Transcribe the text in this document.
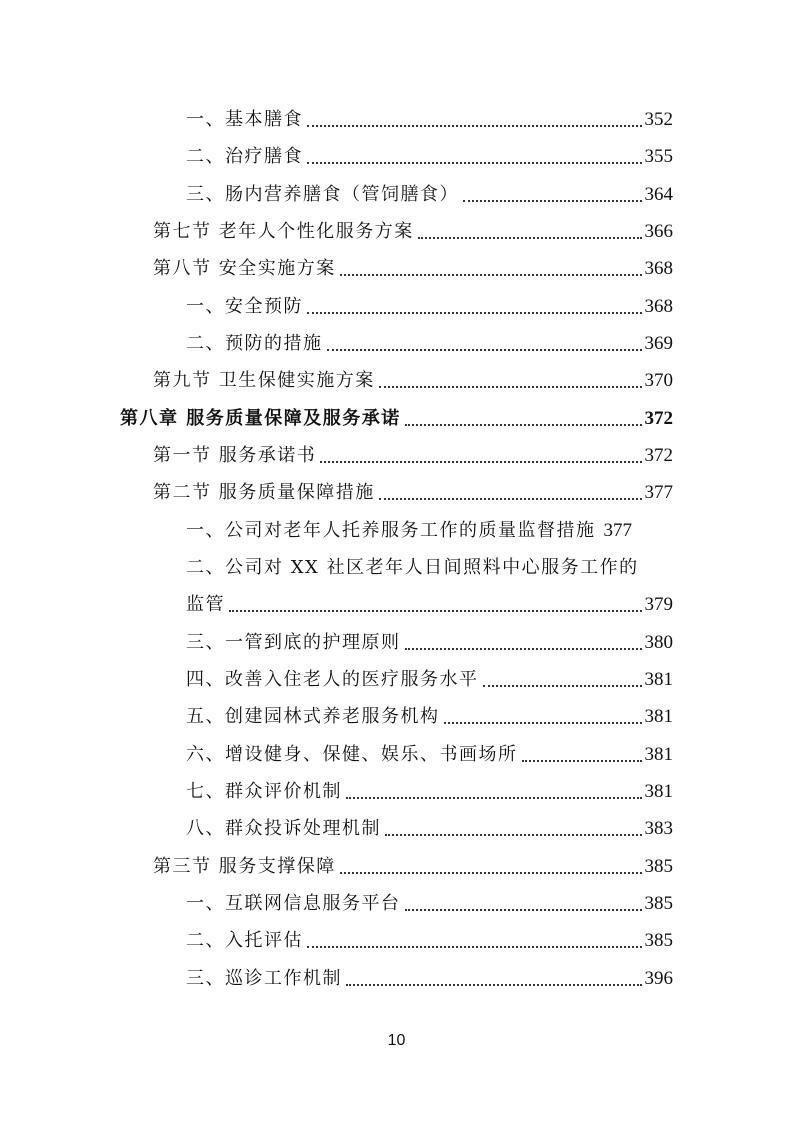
一、基本膳食	352
二、治疗膳食	355
三、肠内营养膳食（管饲膳食）	364
第七节 老年人个性化服务方案	366
第八节 安全实施方案	368
一、安全预防	368
二、预防的措施	369
第九节 卫生保健实施方案	370
第八章 服务质量保障及服务承诺	372
第一节 服务承诺书	372
第二节 服务质量保障措施	377
一、公司对老年人托养服务工作的质量监督措施 377
二、公司对 XX 社区老年人日间照料中心服务工作的
监管	379
三、一管到底的护理原则	380
四、改善入住老人的医疗服务水平	381
五、创建园林式养老服务机构	381
六、增设健身、保健、娱乐、书画场所	381
七、群众评价机制	381
八、群众投诉处理机制	383
第三节 服务支撑保障	385
一、互联网信息服务平台	385
二、入托评估	385
三、巡诊工作机制	396
10
